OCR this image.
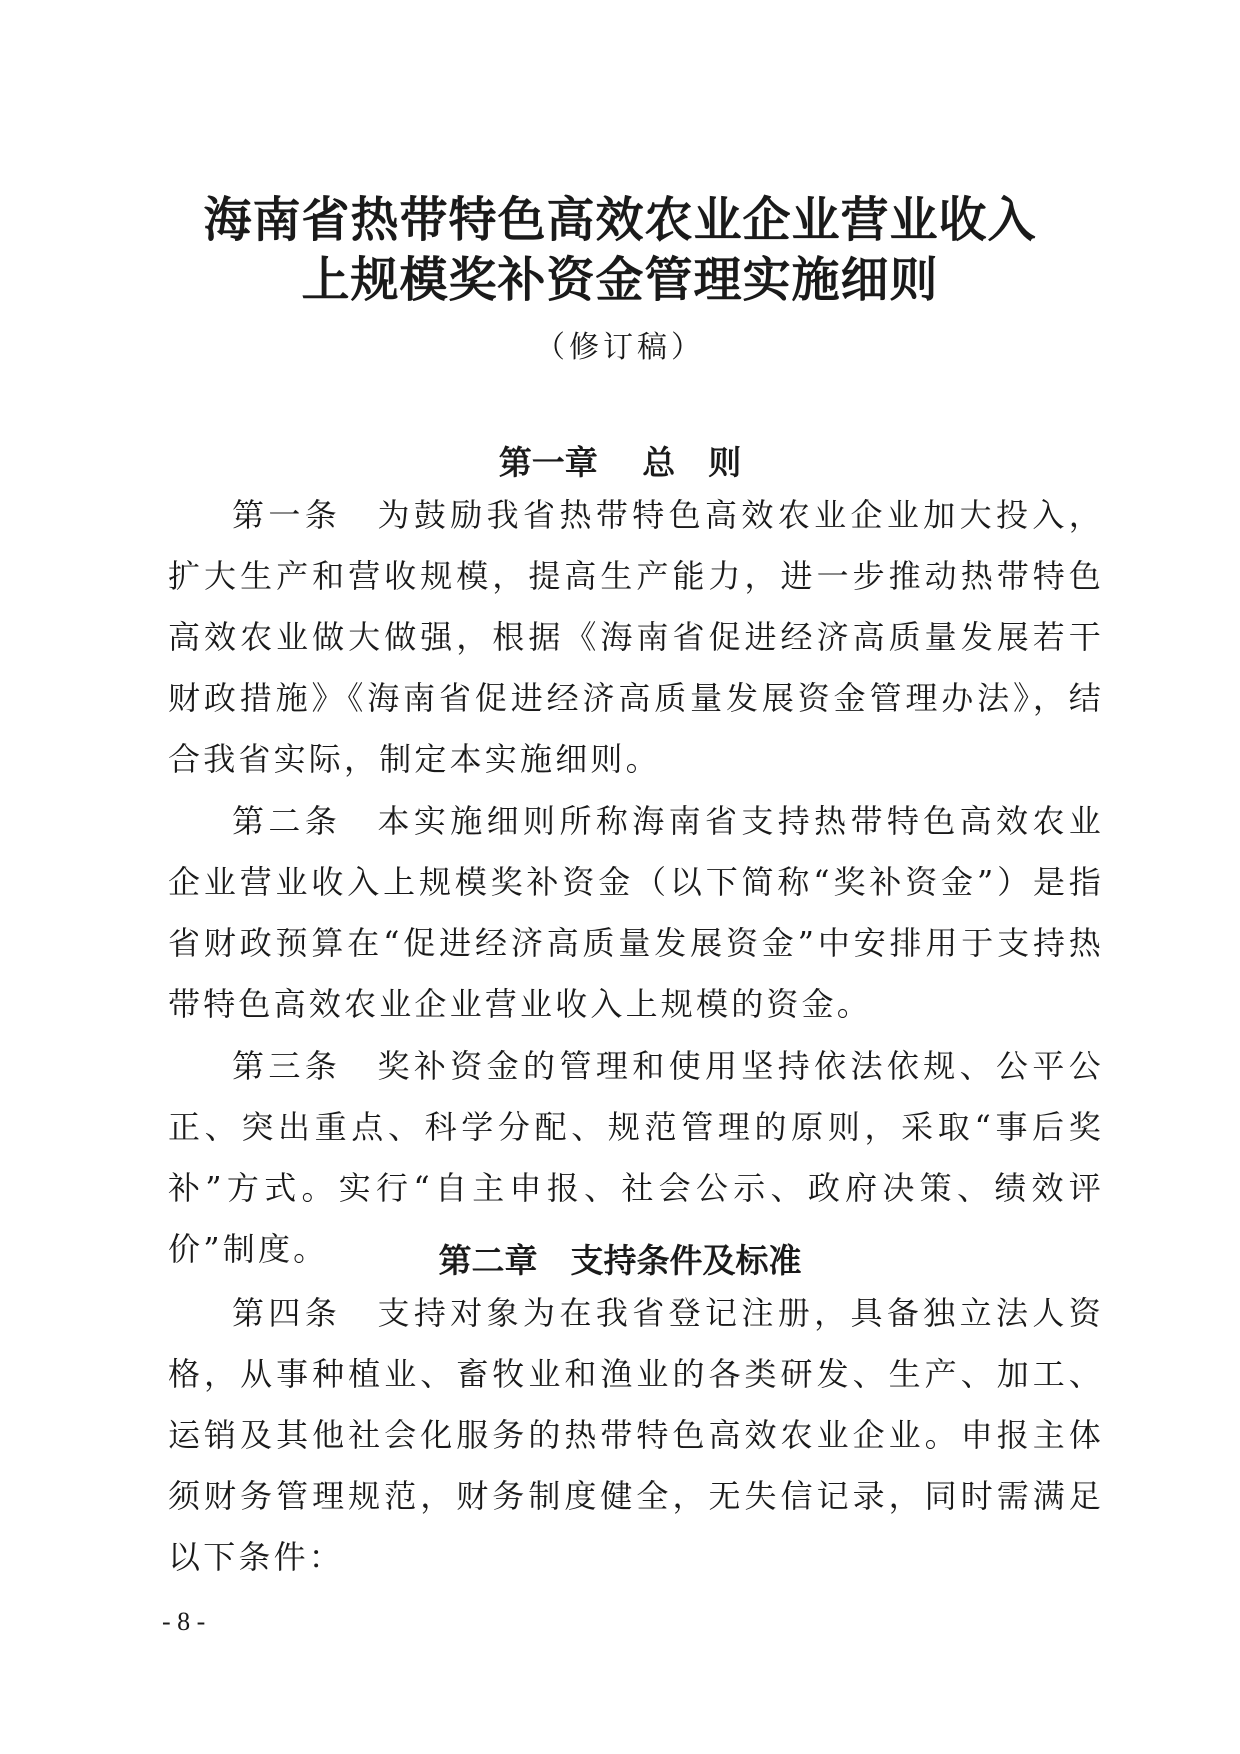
海南省热带特色高效农业企业营业收入
上规模奖补资金管理实施细则
（修订稿）
第一章　 总　则

第一条　为鼓励我省热带特色高效农业企业加大投入，扩大生产和营收规模，提高生产能力，进一步推动热带特色高效农业做大做强，根据《海南省促进经济高质量发展若干财政措施》《海南省促进经济高质量发展资金管理办法》，结合我省实际，制定本实施细则。

第二条　本实施细则所称海南省支持热带特色高效农业企业营业收入上规模奖补资金（以下简称“奖补资金”）是指省财政预算在“促进经济高质量发展资金”中安排用于支持热带特色高效农业企业营业收入上规模的资金。

第三条　奖补资金的管理和使用坚持依法依规、公平公正、突出重点、科学分配、规范管理的原则，采取“事后奖补”方式。实行“自主申报、社会公示、政府决策、绩效评价”制度。	第二章　支持条件及标准

第四条　支持对象为在我省登记注册，具备独立法人资格，从事种植业、畜牧业和渔业的各类研发、生产、加工、运销及其他社会化服务的热带特色高效农业企业。申报主体须财务管理规范，财务制度健全，无失信记录，同时需满足以下条件：

- 8 -
